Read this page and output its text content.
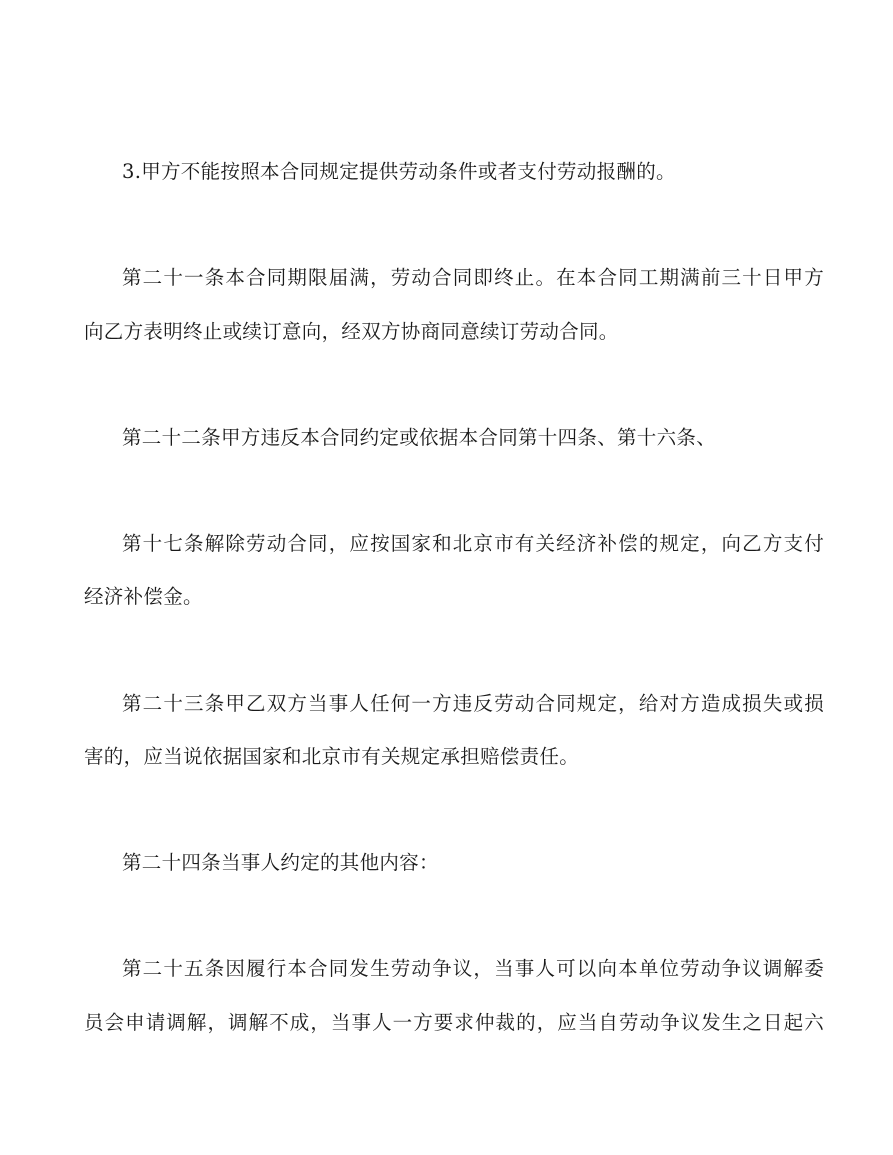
3.甲方不能按照本合同规定提供劳动条件或者支付劳动报酬的。
第二十一条本合同期限届满，劳动合同即终止。在本合同工期满前三十日甲方
向乙方表明终止或续订意向，经双方协商同意续订劳动合同。
第二十二条甲方违反本合同约定或依据本合同第十四条、第十六条、
第十七条解除劳动合同，应按国家和北京市有关经济补偿的规定，向乙方支付
经济补偿金。
第二十三条甲乙双方当事人任何一方违反劳动合同规定，给对方造成损失或损
害的，应当说依据国家和北京市有关规定承担赔偿责任。
第二十四条当事人约定的其他内容：
第二十五条因履行本合同发生劳动争议，当事人可以向本单位劳动争议调解委
员会申请调解，调解不成，当事人一方要求仲裁的，应当自劳动争议发生之日起六
